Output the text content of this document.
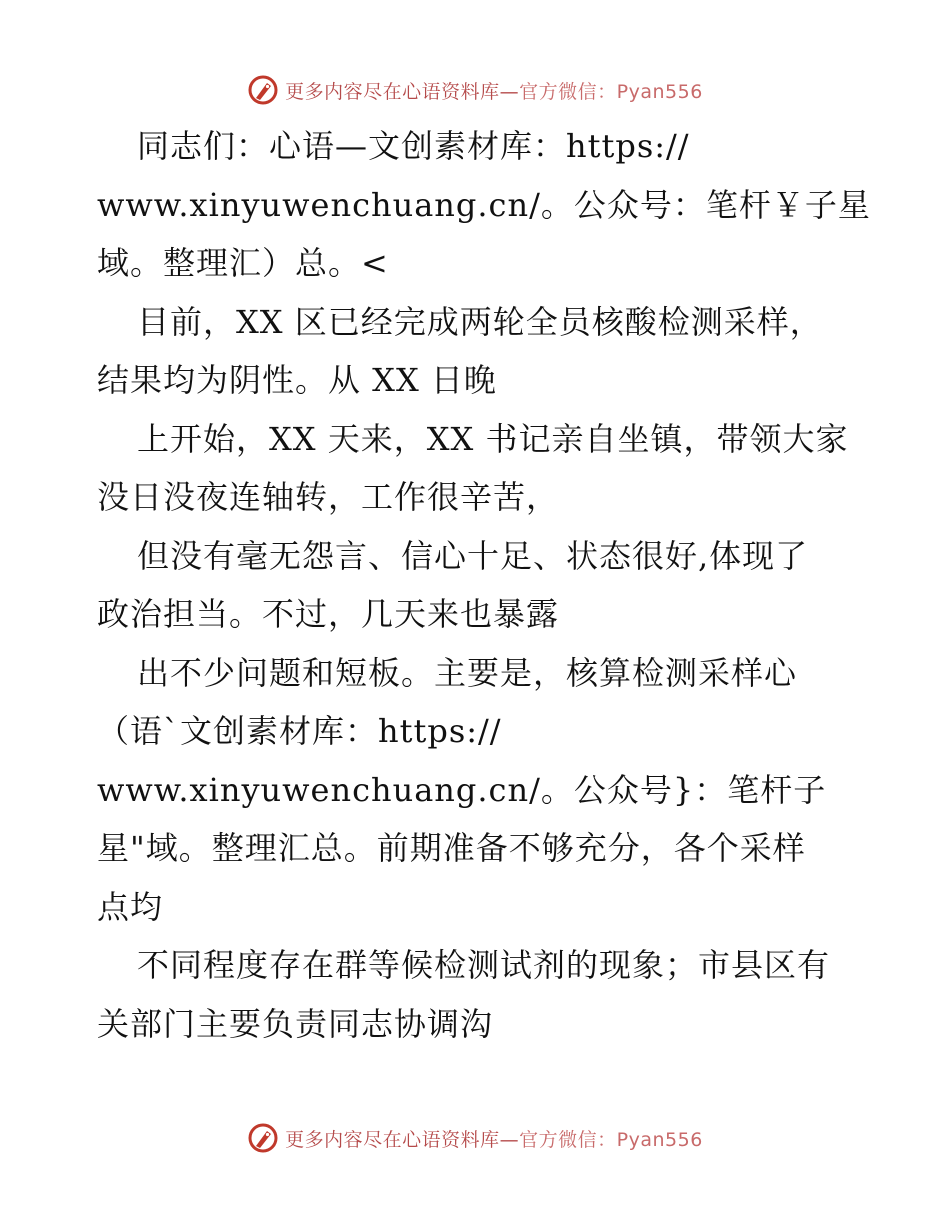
更多内容尽在心语资料库—官方微信：Pyan556
同志们：心语—文创素材库：https://
www.xinyuwenchuang.cn/。公众号：笔杆￥子星
域。整理汇）总。<
目前，XX 区已经完成两轮全员核酸检测采样，
结果均为阴性。从 XX 日晚
上开始，XX 天来，XX 书记亲自坐镇，带领大家
没日没夜连轴转，工作很辛苦，
但没有毫无怨言、信心十足、状态很好,体现了
政治担当。不过，几天来也暴露
出不少问题和短板。主要是，核算检测采样心
（语`文创素材库：https://
www.xinyuwenchuang.cn/。公众号}：笔杆子
星"域。整理汇总。前期准备不够充分，各个采样
点均
不同程度存在群等候检测试剂的现象；市县区有
关部门主要负责同志协调沟
更多内容尽在心语资料库—官方微信：Pyan556
